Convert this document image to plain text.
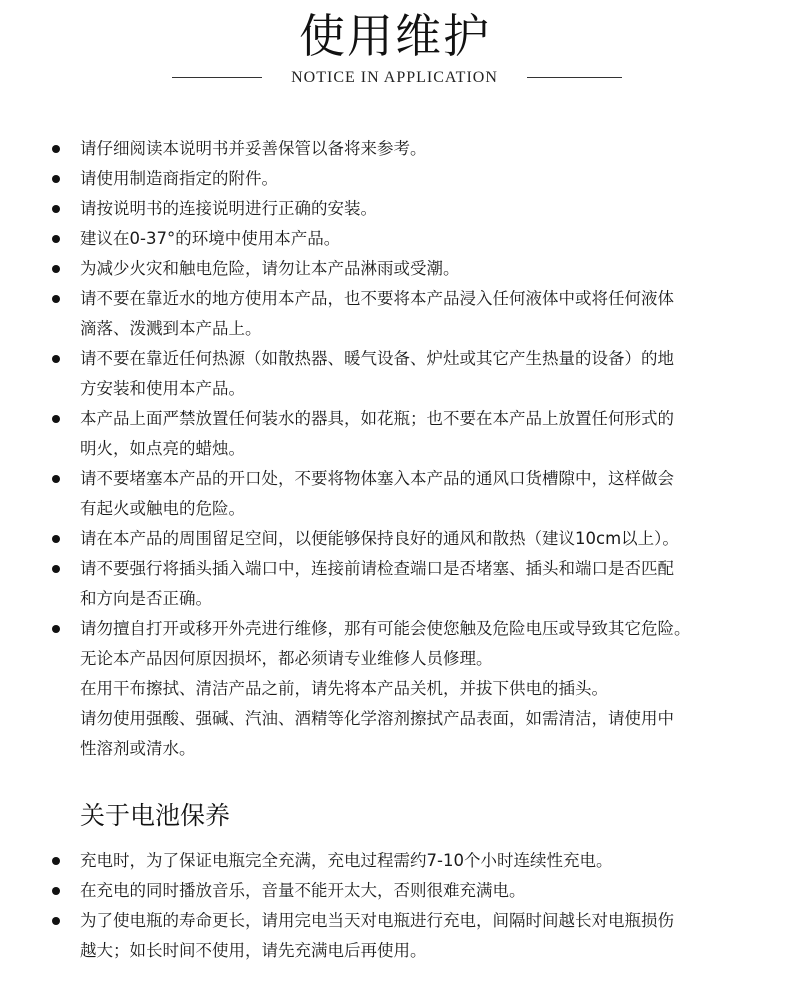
使用维护
NOTICE IN APPLICATION
请仔细阅读本说明书并妥善保管以备将来参考。
请使用制造商指定的附件。
请按说明书的连接说明进行正确的安装。
建议在0-37°的环境中使用本产品。
为减少火灾和触电危险，请勿让本产品淋雨或受潮。
请不要在靠近水的地方使用本产品，也不要将本产品浸入任何液体中或将任何液体
滴落、泼溅到本产品上。
请不要在靠近任何热源（如散热器、暖气设备、炉灶或其它产生热量的设备）的地
方安装和使用本产品。
本产品上面严禁放置任何装水的器具，如花瓶；也不要在本产品上放置任何形式的
明火，如点亮的蜡烛。
请不要堵塞本产品的开口处，不要将物体塞入本产品的通风口货槽隙中，这样做会
有起火或触电的危险。
请在本产品的周围留足空间，以便能够保持良好的通风和散热（建议10cm以上）。
请不要强行将插头插入端口中，连接前请检查端口是否堵塞、插头和端口是否匹配
和方向是否正确。
请勿擅自打开或移开外壳进行维修，那有可能会使您触及危险电压或导致其它危险。
无论本产品因何原因损坏，都必须请专业维修人员修理。
在用干布擦拭、清洁产品之前，请先将本产品关机，并拔下供电的插头。
请勿使用强酸、强碱、汽油、酒精等化学溶剂擦拭产品表面，如需清洁，请使用中
性溶剂或清水。
关于电池保养
充电时，为了保证电瓶完全充满，充电过程需约7-10个小时连续性充电。
在充电的同时播放音乐，音量不能开太大，否则很难充满电。
为了使电瓶的寿命更长，请用完电当天对电瓶进行充电，间隔时间越长对电瓶损伤
越大；如长时间不使用，请先充满电后再使用。
